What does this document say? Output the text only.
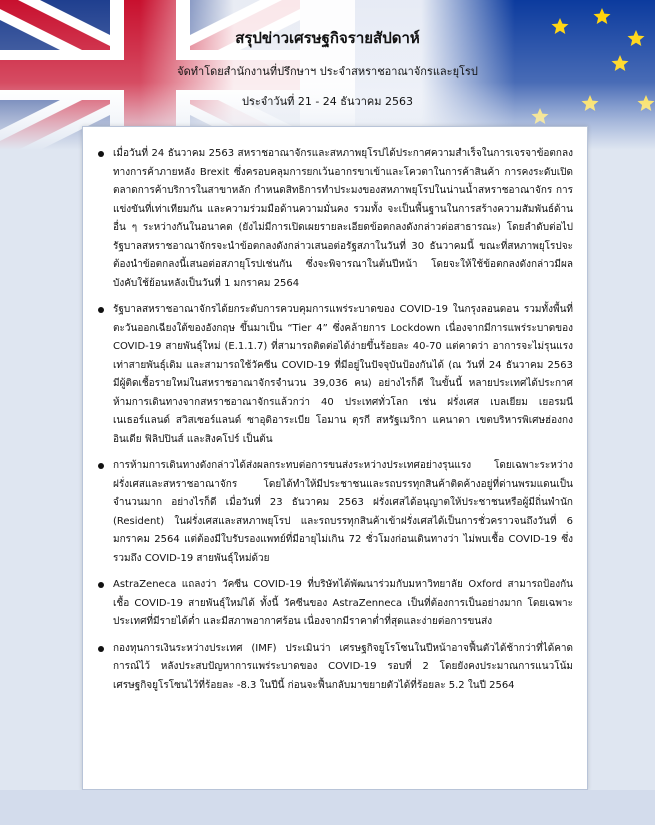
สรุปข่าวเศรษฐกิจรายสัปดาห์
จัดทำโดยสำนักงานที่ปรึกษาฯ ประจำสหราชอาณาจักรและยุโรป
ประจำวันที่ 21 - 24 ธันวาคม 2563
เมื่อวันที่ 24 ธันวาคม 2563 สหราชอาณาจักรและสหภาพยุโรปได้ประกาศความสำเร็จในการเจรจาข้อตกลงทางการค้าภายหลัง Brexit ซึ่งครอบคลุมการยกเว้นอากรขาเข้าและโควตาในการค้าสินค้า การคงระดับเปิดตลาดการค้าบริการในสาขาหลัก กำหนดสิทธิการทำประมงของสหภาพยุโรปในน่านน้ำสหราชอาณาจักร การแข่งขันที่เท่าเทียมกัน และความร่วมมือด้านความมั่นคง รวมทั้ง จะเป็นพื้นฐานในการสร้างความสัมพันธ์ด้านอื่น ๆ ระหว่างกันในอนาคต (ยังไม่มีการเปิดเผยรายละเอียดข้อตกลงดังกล่าวต่อสาธารณะ) โดยลำดับต่อไป รัฐบาลสหราชอาณาจักรจะนำข้อตกลงดังกล่าวเสนอต่อรัฐสภาในวันที่ 30 ธันวาคมนี้ ขณะที่สหภาพยุโรปจะต้องนำข้อตกลงนี้เสนอต่อสภายุโรปเช่นกัน ซึ่งจะพิจารณาในต้นปีหน้า โดยจะให้ใช้ข้อตกลงดังกล่าวมีผลบังคับใช้ย้อนหลังเป็นวันที่ 1 มกราคม 2564
รัฐบาลสหราชอาณาจักรได้ยกระดับการควบคุมการแพร่ระบาดของ COVID-19 ในกรุงลอนดอน รวมทั้งพื้นที่ตะวันออกเฉียงใต้ของอังกฤษ ขึ้นมาเป็น “Tier 4” ซึ่งคล้ายการ Lockdown เนื่องจากมีการแพร่ระบาดของ COVID-19 สายพันธุ์ใหม่ (E.1.1.7) ที่สามารถติดต่อได้ง่ายขึ้นร้อยละ 40-70 แต่คาดว่า อาการจะไม่รุนแรงเท่าสายพันธุ์เดิม และสามารถใช้วัคซีน COVID-19 ที่มีอยู่ในปัจจุบันป้องกันได้ (ณ วันที่ 24 ธันวาคม 2563 มีผู้ติดเชื้อรายใหม่ในสหราชอาณาจักรจำนวน 39,036 คน) อย่างไรก็ดี ในขั้นนี้ หลายประเทศได้ประกาศห้ามการเดินทางจากสหราชอาณาจักรแล้วกว่า 40 ประเทศทั่วโลก เช่น ฝรั่งเศส เบลเยียม เยอรมนี เนเธอร์แลนด์ สวิสเซอร์แลนด์ ซาอุดิอาระเบีย โอมาน ตุรกี สหรัฐเมริกา แคนาดา เขตบริหารพิเศษฮ่องกง อินเดีย ฟิลิปปินส์ และสิงคโปร์ เป็นต้น
การห้ามการเดินทางดังกล่าวได้ส่งผลกระทบต่อการขนส่งระหว่างประเทศอย่างรุนแรง โดยเฉพาะระหว่างฝรั่งเศสและสหราชอาณาจักร โดยได้ทำให้มีประชาชนและรถบรรทุกสินค้าติดค้างอยู่ที่ด่านพรมแดนเป็นจำนวนมาก อย่างไรก็ดี เมื่อวันที่ 23 ธันวาคม 2563 ฝรั่งเศสได้อนุญาตให้ประชาชนหรือผู้มีถิ่นพำนัก (Resident) ในฝรั่งเศสและสหภาพยุโรป และรถบรรทุกสินค้าเข้าฝรั่งเศสได้เป็นการชั่วคราวจนถึงวันที่ 6 มกราคม 2564 แต่ต้องมีใบรับรองแพทย์ที่มีอายุไม่เกิน 72 ชั่วโมงก่อนเดินทางว่า ไม่พบเชื้อ COVID-19 ซึ่งรวมถึง COVID-19 สายพันธุ์ใหม่ด้วย
AstraZeneca แถลงว่า วัคซีน COVID-19 ที่บริษัทได้พัฒนาร่วมกับมหาวิทยาลัย Oxford สามารถป้องกันเชื้อ COVID-19 สายพันธุ์ใหม่ได้ ทั้งนี้ วัคซีนของ AstraZenneca เป็นที่ต้องการเป็นอย่างมาก โดยเฉพาะประเทศที่มีรายได้ต่ำ และมีสภาพอากาศร้อน เนื่องจากมีราคาต่ำที่สุดและง่ายต่อการขนส่ง
กองทุนการเงินระหว่างประเทศ (IMF) ประเมินว่า เศรษฐกิจยูโรโซนในปีหน้าอาจฟื้นตัวได้ช้ากว่าที่ได้คาดการณ์ไว้ หลังประสบปัญหาการแพร่ระบาดของ COVID-19 รอบที่ 2 โดยยังคงประมาณการแนวโน้มเศรษฐกิจยูโรโซนไว้ที่ร้อยละ -8.3 ในปีนี้ ก่อนจะฟื้นกลับมาขยายตัวได้ที่ร้อยละ 5.2 ในปี 2564
